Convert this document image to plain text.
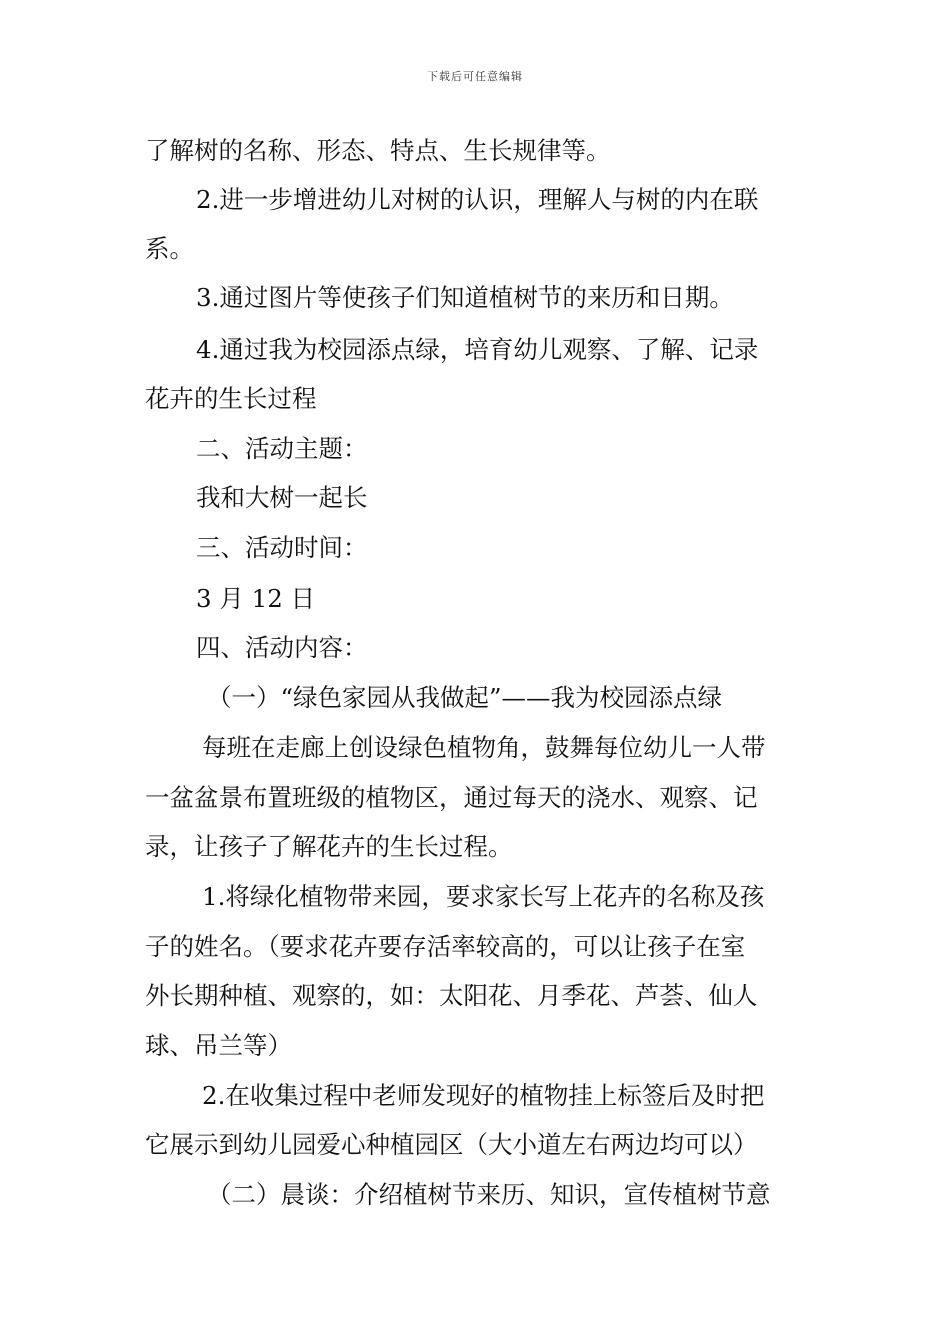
下载后可任意编辑
了解树的名称、形态、特点、生长规律等。
2.进一步增进幼儿对树的认识，理解人与树的内在联
系。
3.通过图片等使孩子们知道植树节的来历和日期。
4.通过我为校园添点绿，培育幼儿观察、了解、记录
花卉的生长过程
二、活动主题：
我和大树一起长
三、活动时间：
3 月 12 日
四、活动内容：
（一）“绿色家园从我做起”——我为校园添点绿
每班在走廊上创设绿色植物角，鼓舞每位幼儿一人带
一盆盆景布置班级的植物区，通过每天的浇水、观察、记
录，让孩子了解花卉的生长过程。
1.将绿化植物带来园，要求家长写上花卉的名称及孩
子的姓名。（要求花卉要存活率较高的，可以让孩子在室
外长期种植、观察的，如：太阳花、月季花、芦荟、仙人
球、吊兰等）
2.在收集过程中老师发现好的植物挂上标签后及时把
它展示到幼儿园爱心种植园区（大小道左右两边均可以）
（二）晨谈：介绍植树节来历、知识，宣传植树节意
